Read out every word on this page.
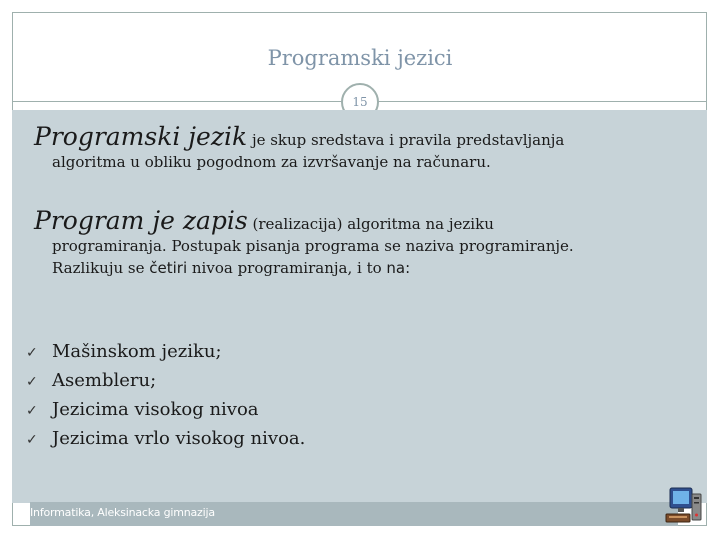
Programski jezici
15
Programski jezik je skup sredstava i pravila predstavljanja
algoritma u obliku pogodnom za izvršavanje na računaru.
Program je zapis (realizacija) algoritma na jeziku
programiranja. Postupak pisanja programa se naziva programiranje.
Razlikuju se četiri nivoa programiranja, i to na:
✓ Mašinskom jeziku;
✓ Asembleru;
✓ Jezicima visokog nivoa
✓ Jezicima vrlo visokog nivoa.
Informatika, Aleksinacka gimnazija
